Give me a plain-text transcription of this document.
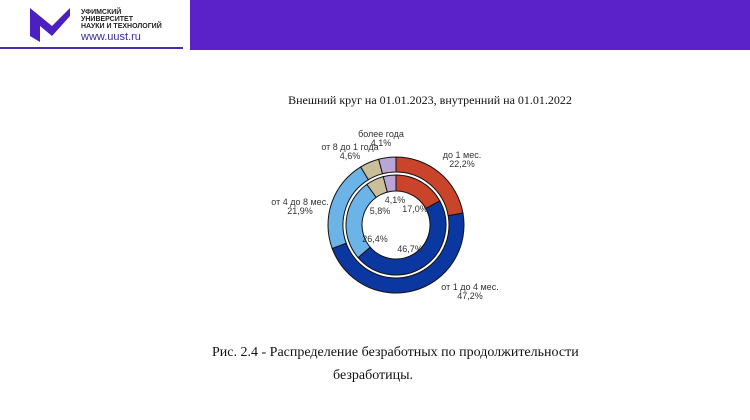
УФИМСКИЙ
УНИВЕРСИТЕТ
НАУКИ И ТЕХНОЛОГИЙ
www.uust.ru
Внешний круг на 01.01.2023, внутренний на 01.01.2022
до 1 мес. 22,2%
17,0%
от 1 до 4 мес. 47,2%
46,7%
от 4 до 8 мес. 21,9%
26,4%
от 8 до 1 года 4,6%
5,8%
более года 4,1%
4,1%
Рис. 2.4 - Распределение безработных по продолжительности
безработицы.
